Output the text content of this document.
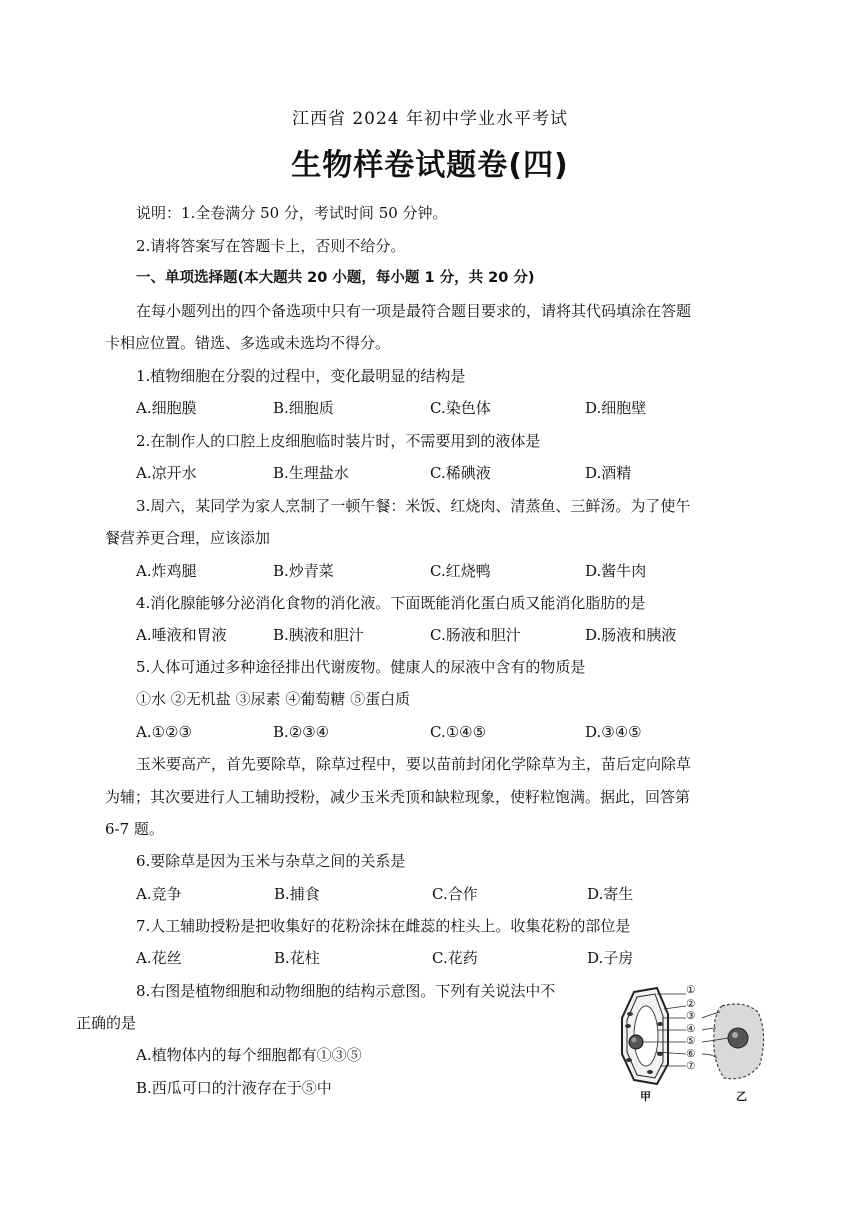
江西省 2024 年初中学业水平考试
生物样卷试题卷(四)
说明：1.全卷满分 50 分，考试时间 50 分钟。
2.请将答案写在答题卡上，否则不给分。
一、单项选择题(本大题共 20 小题，每小题 1 分，共 20 分)
在每小题列出的四个备选项中只有一项是最符合题目要求的，请将其代码填涂在答题
卡相应位置。错选、多选或未选均不得分。
1.植物细胞在分裂的过程中，变化最明显的结构是
A.细胞膜	B.细胞质	C.染色体	D.细胞壁
2.在制作人的口腔上皮细胞临时装片时，不需要用到的液体是
A.凉开水	B.生理盐水	C.稀碘液	D.酒精
3.周六，某同学为家人烹制了一顿午餐：米饭、红烧肉、清蒸鱼、三鲜汤。为了使午
餐营养更合理，应该添加
A.炸鸡腿	B.炒青菜	C.红烧鸭	D.酱牛肉
4.消化腺能够分泌消化食物的消化液。下面既能消化蛋白质又能消化脂肪的是
A.唾液和胃液	B.胰液和胆汁	C.肠液和胆汁	D.肠液和胰液
5.人体可通过多种途径排出代谢废物。健康人的尿液中含有的物质是
①水 ②无机盐 ③尿素 ④葡萄糖 ⑤蛋白质
A.①②③	B.②③④	C.①④⑤	D.③④⑤
玉米要高产，首先要除草，除草过程中，要以苗前封闭化学除草为主，苗后定向除草
为辅；其次要进行人工辅助授粉，减少玉米秃顶和缺粒现象，使籽粒饱满。据此，回答第
6-7 题。
6.要除草是因为玉米与杂草之间的关系是
A.竞争	B.捕食	C.合作	D.寄生
7.人工辅助授粉是把收集好的花粉涂抹在雌蕊的柱头上。收集花粉的部位是
A.花丝	B.花柱	C.花药	D.子房
8.右图是植物细胞和动物细胞的结构示意图。下列有关说法中不
正确的是
A.植物体内的每个细胞都有①③⑤
B.西瓜可口的汁液存在于⑤中
①
②
③
④
⑤
⑥
⑦
甲	乙
